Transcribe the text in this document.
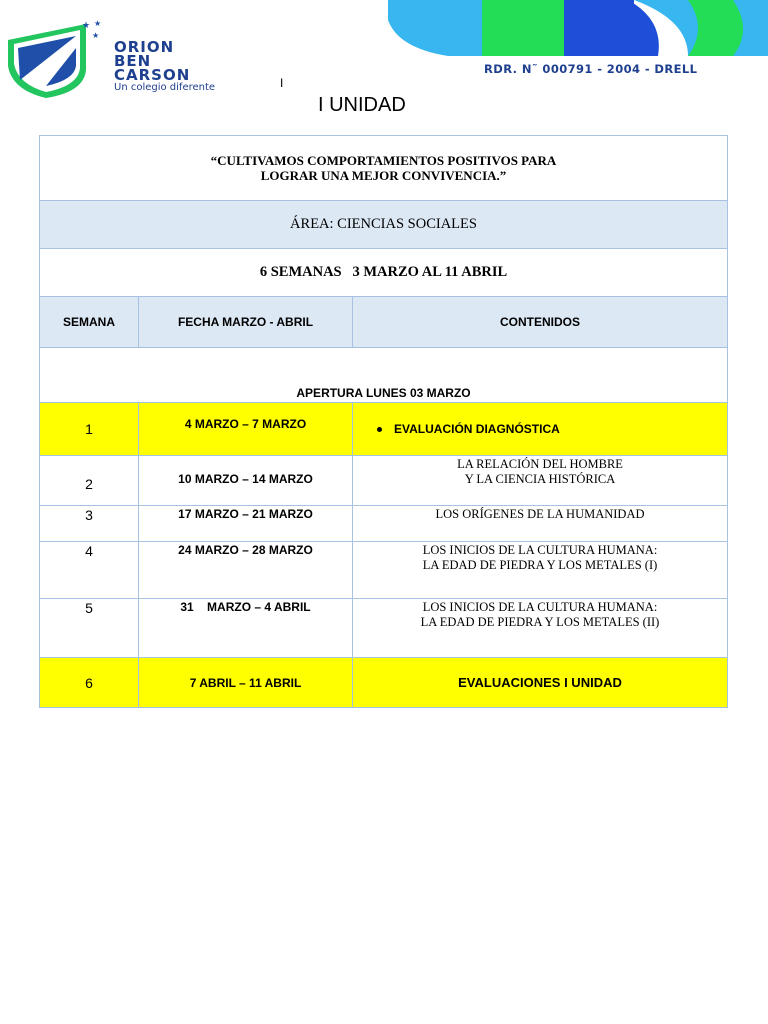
★ ★
★
ORION
BEN
CARSON
Un colegio diferente
RDR. N˜ 000791 - 2004 - DRELL
I
I UNIDAD
“CULTIVAMOS COMPORTAMIENTOS POSITIVOS PARA
LOGRAR UNA MEJOR CONVIVENCIA.”		

ÁREA: CIENCIAS SOCIALES		
6 SEMANAS   3 MARZO AL 11 ABRIL		
SEMANA	FECHA MARZO - ABRIL	CONTENIDOS
APERTURA LUNES 03 MARZO		
1	4 MARZO – 7 MARZO	EVALUACIÓN DIAGNÓSTICA
2	10 MARZO – 14 MARZO	LA RELACIÓN DEL HOMBRE
Y LA CIENCIA HISTÓRICA

3	17 MARZO – 21 MARZO	LOS ORÍGENES DE LA HUMANIDAD

4	24 MARZO – 28 MARZO	LOS INICIOS DE LA CULTURA HUMANA:
LA EDAD DE PIEDRA Y LOS METALES (I)

5	31    MARZO – 4 ABRIL	LOS INICIOS DE LA CULTURA HUMANA:
LA EDAD DE PIEDRA Y LOS METALES (II)

6	7 ABRIL – 11 ABRIL	EVALUACIONES I UNIDAD
